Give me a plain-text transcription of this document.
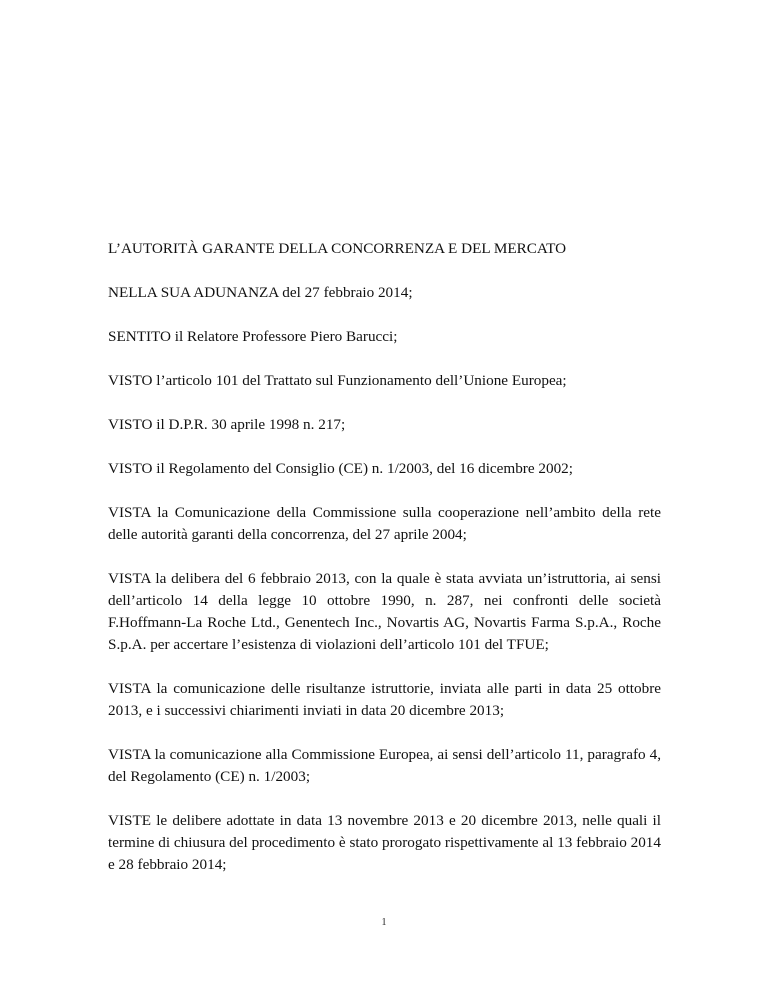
L’AUTORITÀ GARANTE DELLA CONCORRENZA E DEL MERCATO

NELLA SUA ADUNANZA del 27 febbraio 2014;

SENTITO il Relatore Professore Piero Barucci;

VISTO l’articolo 101 del Trattato sul Funzionamento dell’Unione Europea;

VISTO il D.P.R. 30 aprile 1998 n. 217;

VISTO il Regolamento del Consiglio (CE) n. 1/2003, del 16 dicembre 2002;

VISTA la Comunicazione della Commissione sulla cooperazione nell’ambito della rete delle autorità garanti della concorrenza, del 27 aprile 2004;

VISTA la delibera del 6 febbraio 2013, con la quale è stata avviata un’istruttoria, ai sensi dell’articolo 14 della legge 10 ottobre 1990, n. 287, nei confronti delle società F.Hoffmann-La Roche Ltd., Genentech Inc., Novartis AG, Novartis Farma S.p.A., Roche S.p.A. per accertare l’esistenza di violazioni dell’articolo 101 del TFUE;

VISTA la comunicazione delle risultanze istruttorie, inviata alle parti in data 25 ottobre 2013, e i successivi chiarimenti inviati in data 20 dicembre 2013;

VISTA la comunicazione alla Commissione Europea, ai sensi dell’articolo 11, paragrafo 4, del Regolamento (CE) n. 1/2003;

VISTE le delibere adottate in data 13 novembre 2013 e 20 dicembre 2013, nelle quali il termine di chiusura del procedimento è stato prorogato rispettivamente al 13 febbraio 2014 e 28 febbraio 2014;

1
